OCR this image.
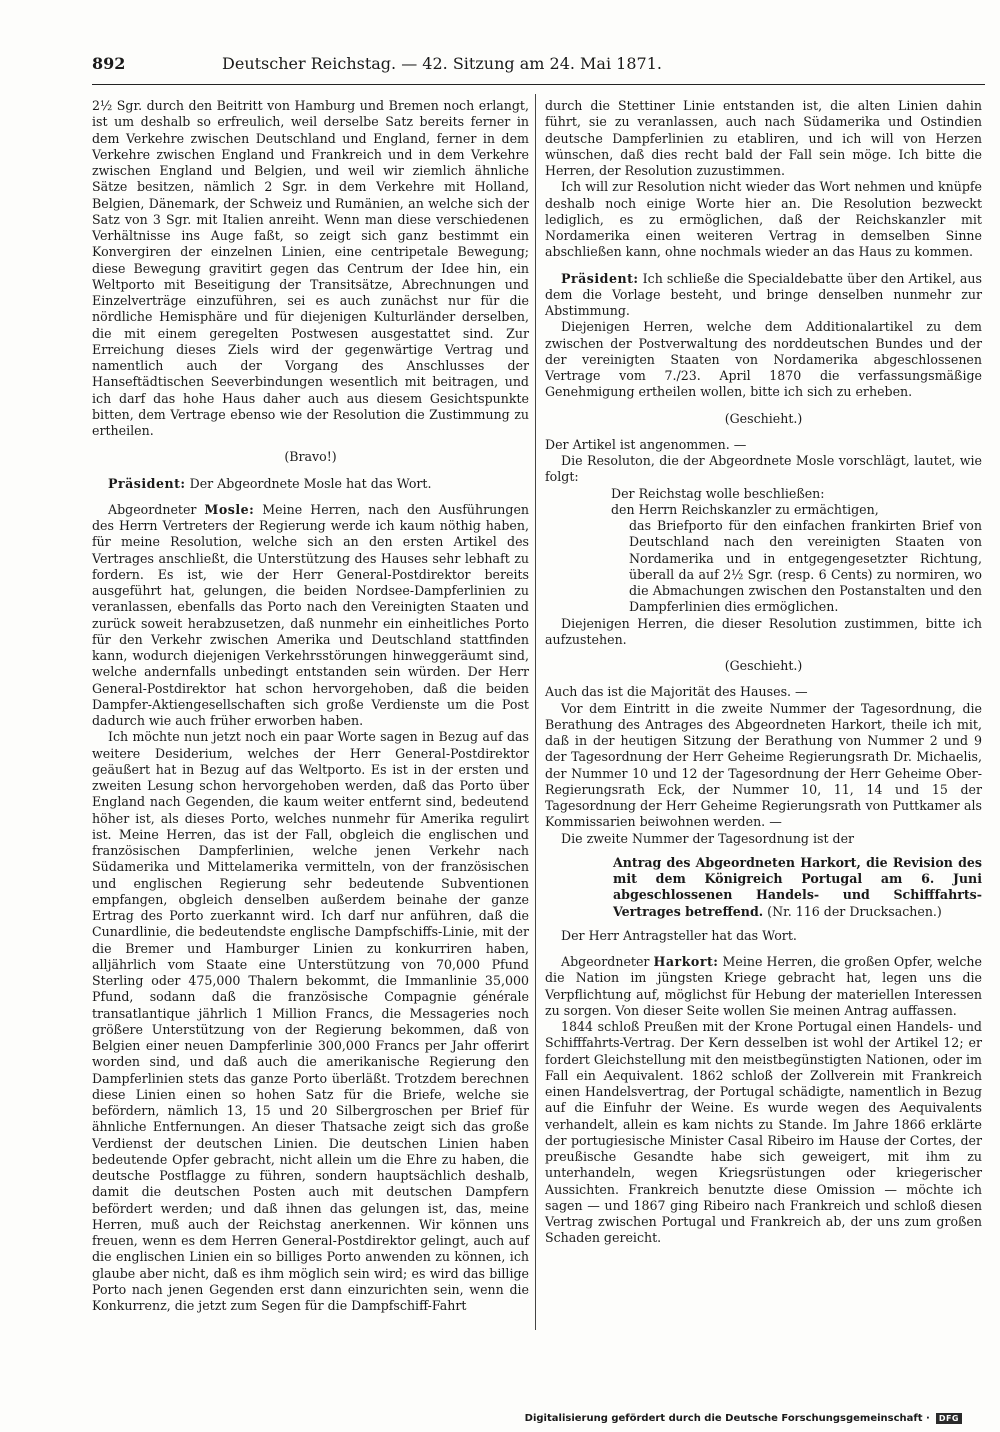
892	Deutscher Reichstag. — 42. Sitzung am 24. Mai 1871.

2½ Sgr. durch den Beitritt von Hamburg und Bremen noch erlangt, ist um deshalb so erfreulich, weil derselbe Satz bereits ferner in dem Verkehre zwischen Deutschland und England, ferner in dem Verkehre zwischen England und Frankreich und in dem Verkehre zwischen England und Belgien, und weil wir ziemlich ähnliche Sätze besitzen, nämlich 2 Sgr. in dem Verkehre mit Holland, Belgien, Dänemark, der Schweiz und Rumänien, an welche sich der Satz von 3 Sgr. mit Italien anreiht. Wenn man diese verschiedenen Verhältnisse ins Auge faßt, so zeigt sich ganz bestimmt ein Konvergiren der einzelnen Linien, eine centripetale Bewegung; diese Bewegung gravitirt gegen das Centrum der Idee hin, ein Weltporto mit Beseitigung der Transitsätze, Abrechnungen und Einzelverträge einzuführen, sei es auch zunächst nur für die nördliche Hemisphäre und für diejenigen Kulturländer derselben, die mit einem geregelten Postwesen ausgestattet sind. Zur Erreichung dieses Ziels wird der gegenwärtige Vertrag und namentlich auch der Vorgang des Anschlusses der Hanseftädtischen Seeverbindungen wesentlich mit beitragen, und ich darf das hohe Haus daher auch aus diesem Gesichtspunkte bitten, dem Vertrage ebenso wie der Resolution die Zustimmung zu ertheilen.

(Bravo!)

Präsident: Der Abgeordnete Mosle hat das Wort.

Abgeordneter Mosle: Meine Herren, nach den Ausführungen des Herrn Vertreters der Regierung werde ich kaum nöthig haben, für meine Resolution, welche sich an den ersten Artikel des Vertrages anschließt, die Unterstützung des Hauses sehr lebhaft zu fordern. Es ist, wie der Herr General-Postdirektor bereits ausgeführt hat, gelungen, die beiden Nordsee-Dampferlinien zu veranlassen, ebenfalls das Porto nach den Vereinigten Staaten und zurück soweit herabzusetzen, daß nunmehr ein einheitliches Porto für den Verkehr zwischen Amerika und Deutschland stattfinden kann, wodurch diejenigen Verkehrsstörungen hinweggeräumt sind, welche andernfalls unbedingt entstanden sein würden. Der Herr General-Postdirektor hat schon hervorgehoben, daß die beiden Dampfer-Aktiengesellschaften sich große Verdienste um die Post dadurch wie auch früher erworben haben.

Ich möchte nun jetzt noch ein paar Worte sagen in Bezug auf das weitere Desiderium, welches der Herr General-Postdirektor geäußert hat in Bezug auf das Weltporto. Es ist in der ersten und zweiten Lesung schon hervorgehoben werden, daß das Porto über England nach Gegenden, die kaum weiter entfernt sind, bedeutend höher ist, als dieses Porto, welches nunmehr für Amerika regulirt ist. Meine Herren, das ist der Fall, obgleich die englischen und französischen Dampferlinien, welche jenen Verkehr nach Südamerika und Mittelamerika vermitteln, von der französischen und englischen Regierung sehr bedeutende Subventionen empfangen, obgleich denselben außerdem beinahe der ganze Ertrag des Porto zuerkannt wird. Ich darf nur anführen, daß die Cunardlinie, die bedeutendste englische Dampfschiffs-Linie, mit der die Bremer und Hamburger Linien zu konkurriren haben, alljährlich vom Staate eine Unterstützung von 70,000 Pfund Sterling oder 475,000 Thalern bekommt, die Immanlinie 35,000 Pfund, sodann daß die französische Compagnie générale transatlantique jährlich 1 Million Francs, die Messageries noch größere Unterstützung von der Regierung bekommen, daß von Belgien einer neuen Dampferlinie 300,000 Francs per Jahr offerirt worden sind, und daß auch die amerikanische Regierung den Dampferlinien stets das ganze Porto überläßt. Trotzdem berechnen diese Linien einen so hohen Satz für die Briefe, welche sie befördern, nämlich 13, 15 und 20 Silbergroschen per Brief für ähnliche Entfernungen. An dieser Thatsache zeigt sich das große Verdienst der deutschen Linien. Die deutschen Linien haben bedeutende Opfer gebracht, nicht allein um die Ehre zu haben, die deutsche Postflagge zu führen, sondern hauptsächlich deshalb, damit die deutschen Posten auch mit deutschen Dampfern befördert werden; und daß ihnen das gelungen ist, das, meine Herren, muß auch der Reichstag anerkennen. Wir können uns freuen, wenn es dem Herren General-Postdirektor gelingt, auch auf die englischen Linien ein so billiges Porto anwenden zu können, ich glaube aber nicht, daß es ihm möglich sein wird; es wird das billige Porto nach jenen Gegenden erst dann einzurichten sein, wenn die Konkurrenz, die jetzt zum Segen für die Dampfschiff-Fahrt

durch die Stettiner Linie entstanden ist, die alten Linien dahin führt, sie zu veranlassen, auch nach Südamerika und Ostindien deutsche Dampferlinien zu etabliren, und ich will von Herzen wünschen, daß dies recht bald der Fall sein möge. Ich bitte die Herren, der Resolution zuzustimmen.

Ich will zur Resolution nicht wieder das Wort nehmen und knüpfe deshalb noch einige Worte hier an. Die Resolution bezweckt lediglich, es zu ermöglichen, daß der Reichskanzler mit Nordamerika einen weiteren Vertrag in demselben Sinne abschließen kann, ohne nochmals wieder an das Haus zu kommen.

Präsident: Ich schließe die Specialdebatte über den Artikel, aus dem die Vorlage besteht, und bringe denselben nunmehr zur Abstimmung.

Diejenigen Herren, welche dem Additionalartikel zu dem zwischen der Postverwaltung des norddeutschen Bundes und der der vereinigten Staaten von Nordamerika abgeschlossenen Vertrage vom 7./23. April 1870 die verfassungsmäßige Genehmigung ertheilen wollen, bitte ich sich zu erheben.

(Geschieht.)

Der Artikel ist angenommen. —

Die Resoluton, die der Abgeordnete Mosle vorschlägt, lautet, wie folgt:

Der Reichstag wolle beschließen:

den Herrn Reichskanzler zu ermächtigen,

das Briefporto für den einfachen frankirten Brief von Deutschland nach den vereinigten Staaten von Nordamerika und in entgegengesetzter Richtung, überall da auf 2½ Sgr. (resp. 6 Cents) zu normiren, wo die Abmachungen zwischen den Postanstalten und den Dampferlinien dies ermöglichen.

Diejenigen Herren, die dieser Resolution zustimmen, bitte ich aufzustehen.

(Geschieht.)

Auch das ist die Majorität des Hauses. —

Vor dem Eintritt in die zweite Nummer der Tagesordnung, die Berathung des Antrages des Abgeordneten Harkort, theile ich mit, daß in der heutigen Sitzung der Berathung von Nummer 2 und 9 der Tagesordnung der Herr Geheime Regierungsrath Dr. Michaelis, der Nummer 10 und 12 der Tagesordnung der Herr Geheime Ober-Regierungsrath Eck, der Nummer 10, 11, 14 und 15 der Tagesordnung der Herr Geheime Regierungsrath von Puttkamer als Kommissarien beiwohnen werden. —

Die zweite Nummer der Tagesordnung ist der

Antrag des Abgeordneten Harkort, die Revision des mit dem Königreich Portugal am 6. Juni abgeschlossenen Handels- und Schifffahrts-Vertrages betreffend. (Nr. 116 der Drucksachen.)

Der Herr Antragsteller hat das Wort.

Abgeordneter Harkort: Meine Herren, die großen Opfer, welche die Nation im jüngsten Kriege gebracht hat, legen uns die Verpflichtung auf, möglichst für Hebung der materiellen Interessen zu sorgen. Von dieser Seite wollen Sie meinen Antrag auffassen.

1844 schloß Preußen mit der Krone Portugal einen Handels- und Schifffahrts-Vertrag. Der Kern desselben ist wohl der Artikel 12; er fordert Gleichstellung mit den meistbegünstigten Nationen, oder im Fall ein Aequivalent. 1862 schloß der Zollverein mit Frankreich einen Handelsvertrag, der Portugal schädigte, namentlich in Bezug auf die Einfuhr der Weine. Es wurde wegen des Aequivalents verhandelt, allein es kam nichts zu Stande. Im Jahre 1866 erklärte der portugiesische Minister Casal Ribeiro im Hause der Cortes, der preußische Gesandte habe sich geweigert, mit ihm zu unterhandeln, wegen Kriegsrüstungen oder kriegerischer Aussichten. Frankreich benutzte diese Omission — möchte ich sagen — und 1867 ging Ribeiro nach Frankreich und schloß diesen Vertrag zwischen Portugal und Frankreich ab, der uns zum großen Schaden gereicht.

Digitalisierung gefördert durch die Deutsche Forschungsgemeinschaft ·	DFG
